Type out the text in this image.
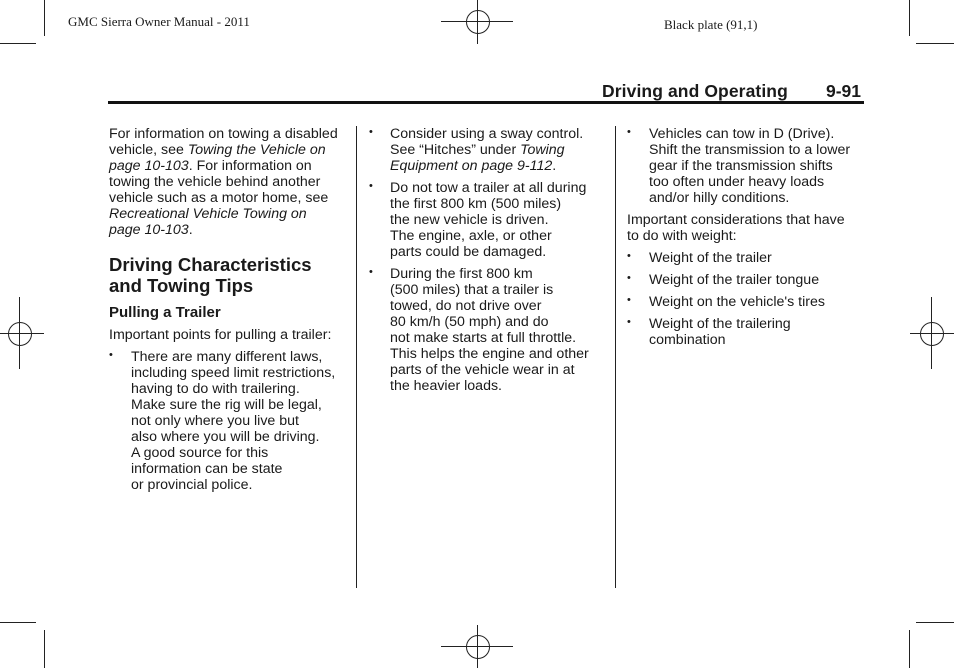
GMC Sierra Owner Manual - 2011	Black plate (91,1)
Driving and Operating 9-91

For information on towing a disabled
vehicle, see Towing the Vehicle on
page 10-103. For information on
towing the vehicle behind another
vehicle such as a motor home, see
Recreational Vehicle Towing on
page 10-103.

Driving Characteristics
and Towing Tips
Pulling a Trailer

Important points for pulling a trailer:

• There are many different laws,
including speed limit restrictions,
having to do with trailering.
Make sure the rig will be legal,
not only where you live but
also where you will be driving.
A good source for this
information can be state
or provincial police.
• Consider using a sway control.
See “Hitches” under Towing
Equipment on page 9-112.
• Do not tow a trailer at all during
the first 800 km (500 miles)
the new vehicle is driven.
The engine, axle, or other
parts could be damaged.
• During the first 800 km
(500 miles) that a trailer is
towed, do not drive over
80 km/h (50 mph) and do
not make starts at full throttle.
This helps the engine and other
parts of the vehicle wear in at
the heavier loads.
• Vehicles can tow in D (Drive).
Shift the transmission to a lower
gear if the transmission shifts
too often under heavy loads
and/or hilly conditions.

Important considerations that have
to do with weight:

• Weight of the trailer
• Weight of the trailer tongue
• Weight on the vehicle's tires
• Weight of the trailering
combination
